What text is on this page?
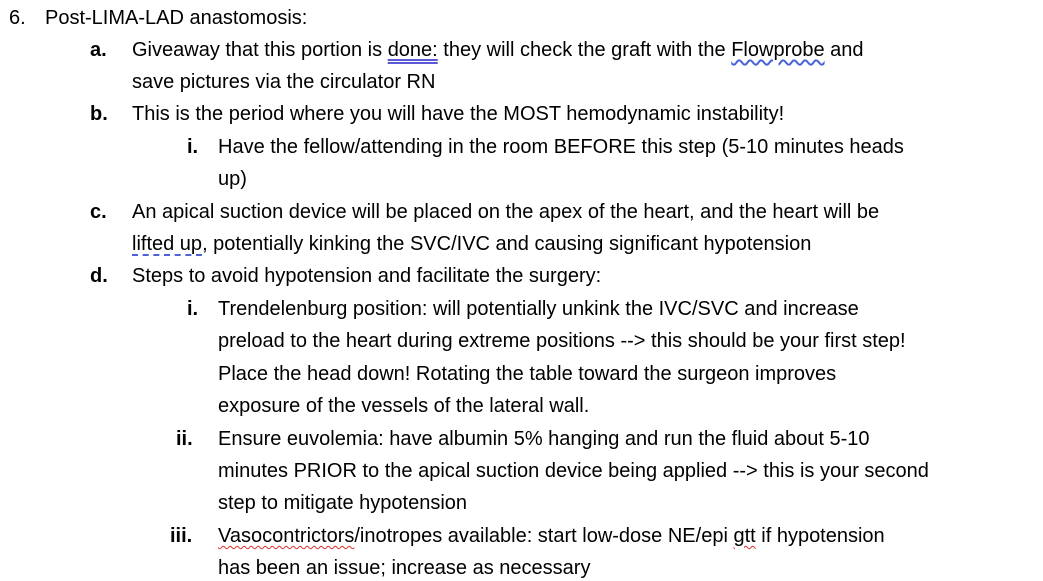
6. Post-LIMA-LAD anastomosis:
a. Giveaway that this portion is done: they will check the graft with the Flowprobe and
save pictures via the circulator RN
b. This is the period where you will have the MOST hemodynamic instability!
i. Have the fellow/attending in the room BEFORE this step (5-10 minutes heads
up)
c. An apical suction device will be placed on the apex of the heart, and the heart will be
lifted up, potentially kinking the SVC/IVC and causing significant hypotension
d. Steps to avoid hypotension and facilitate the surgery:
i. Trendelenburg position: will potentially unkink the IVC/SVC and increase
preload to the heart during extreme positions --> this should be your first step!
Place the head down! Rotating the table toward the surgeon improves
exposure of the vessels of the lateral wall.
ii. Ensure euvolemia: have albumin 5% hanging and run the fluid about 5-10
minutes PRIOR to the apical suction device being applied --> this is your second
step to mitigate hypotension
iii. Vasocontrictors/inotropes available: start low-dose NE/epi gtt if hypotension
has been an issue; increase as necessary
